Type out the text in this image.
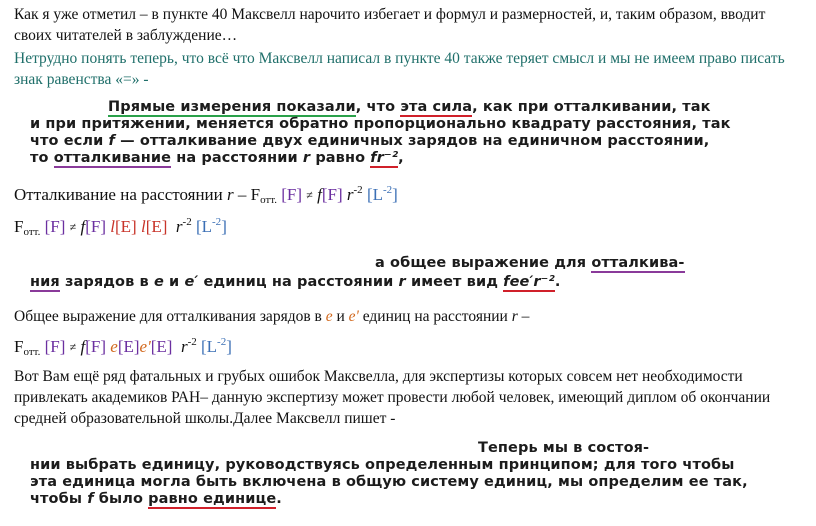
Как я уже отметил – в пункте 40 Максвелл нарочито избегает и формул и размерностей, и, таким образом, вводит своих читателей в заблуждение…
Нетрудно понять теперь, что всё что Максвелл написал в пункте 40 также теряет смысл и мы не имеем право писать знак равенства «=» -
Прямые измерения показали, что эта сила, как при отталкивании, так
и при притяжении, меняется обратно пропорционально квадрату расстояния, так
что если f — отталкивание двух единичных зарядов на единичном расстоянии,
то отталкивание на расстоянии r равно fr⁻²,
Отталкивание на расстоянии r – $F_{отт.}$ [F] ≠ f[F] $r^{-2}$ $[L^{-2}]$
$F_{отт.}$ [F] ≠ f[F] l[E] l[E] $r^{-2}$ $[L^{-2}]$
а общее выражение для отталкива-
ния зарядов в e и e′ единиц на расстоянии r имеет вид fee′r⁻².
Общее выражение для отталкивания зарядов в e и e' единиц на расстоянии r –
$F_{отт.}$ [F] ≠ f[F] e[E]e'[E] $r^{-2}$ $[L^{-2}]$
Вот Вам ещё ряд фатальных и грубых ошибок Максвелла, для экспертизы которых совсем нет необходимости привлекать академиков РАН– данную экспертизу может провести любой человек, имеющий диплом об окончании средней образовательной школы.Далее Максвелл пишет -
Теперь мы в состоя-
нии выбрать единицу, руководствуясь определенным принципом; для того чтобы
эта единица могла быть включена в общую систему единиц, мы определим ее так,
чтобы f было равно единице.
